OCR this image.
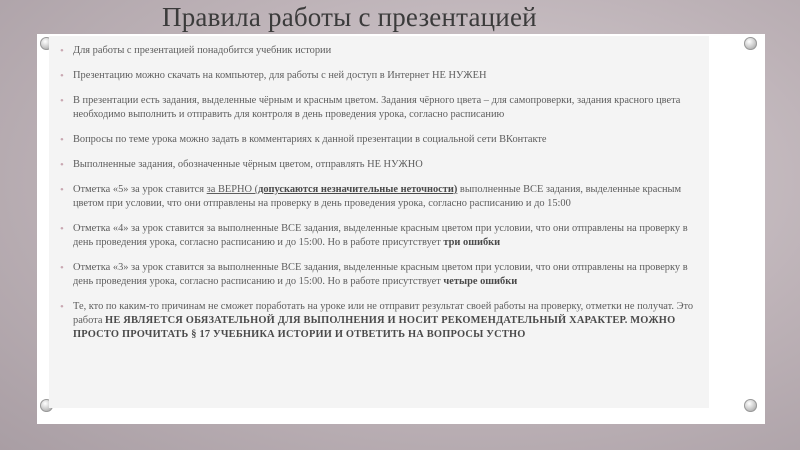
Правила работы с презентацией
• Для работы с презентацией понадобится учебник истории
• Презентацию можно скачать на компьютер, для работы с ней доступ в Интернет НЕ НУЖЕН
• В презентации есть задания, выделенные чёрным и красным цветом. Задания чёрного цвета – для самопроверки, задания красного цвета необходимо выполнить и отправить для контроля в день проведения урока, согласно расписанию
• Вопросы по теме урока можно задать в комментариях к данной презентации в социальной сети ВКонтакте
• Выполненные задания, обозначенные чёрным цветом, отправлять НЕ НУЖНО
• Отметка «5» за урок ставится за ВЕРНО (допускаются незначительные неточности) выполненные ВСЕ задания, выделенные красным цветом при условии, что они отправлены на проверку в день проведения урока, согласно расписанию и до 15:00
• Отметка «4» за урок ставится за выполненные ВСЕ задания, выделенные красным цветом при условии, что они отправлены на проверку в день проведения урока, согласно расписанию и до 15:00. Но в работе присутствует три ошибки
• Отметка «3» за урок ставится за выполненные ВСЕ задания, выделенные красным цветом при условии, что они отправлены на проверку в день проведения урока, согласно расписанию и до 15:00. Но в работе присутствует четыре ошибки
• Те, кто по каким-то причинам не сможет поработать на уроке или не отправит результат своей работы на проверку, отметки не получат. Это работа НЕ ЯВЛЯЕТСЯ ОБЯЗАТЕЛЬНОЙ ДЛЯ ВЫПОЛНЕНИЯ И НОСИТ РЕКОМЕНДАТЕЛЬНЫЙ ХАРАКТЕР. МОЖНО ПРОСТО ПРОЧИТАТЬ § 17 УЧЕБНИКА ИСТОРИИ И ОТВЕТИТЬ НА ВОПРОСЫ УСТНО
